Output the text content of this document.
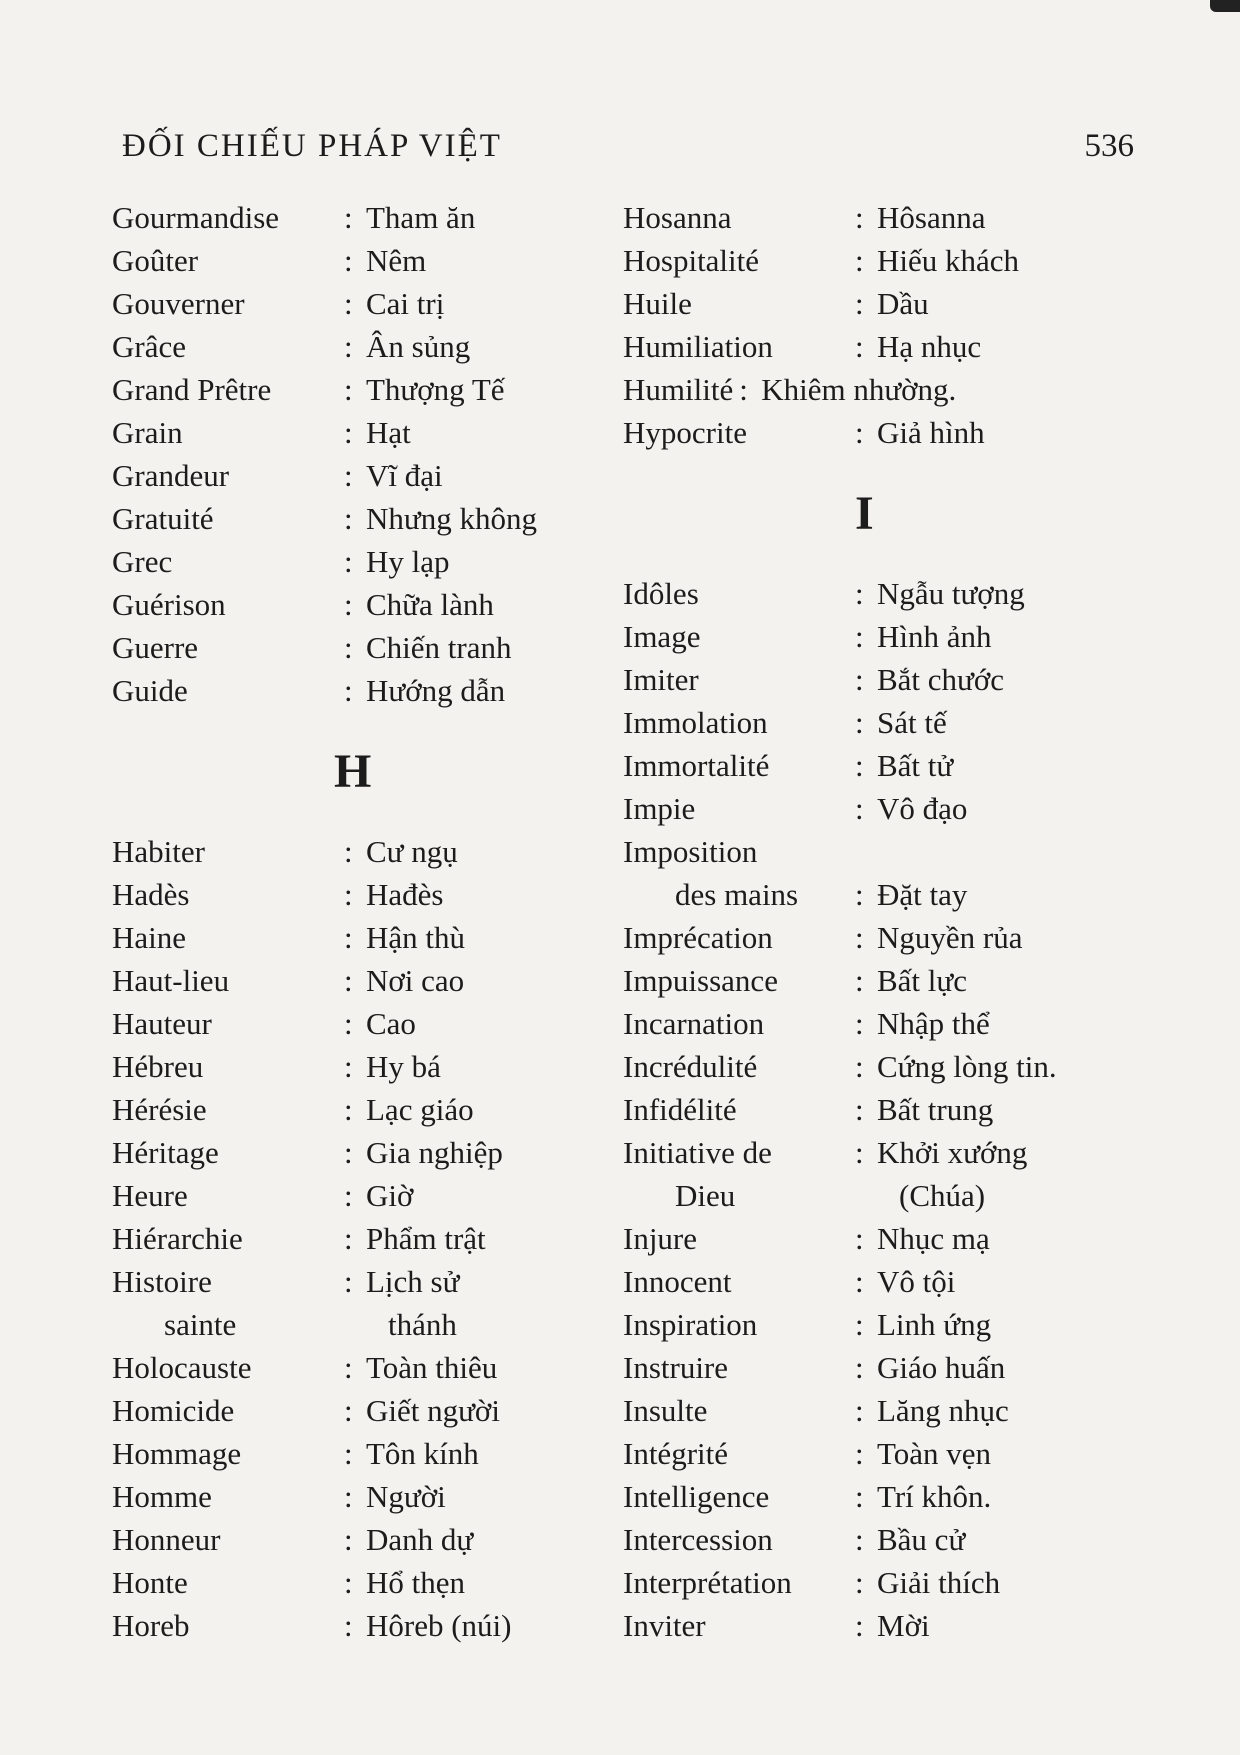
ĐỐI CHIẾU PHÁP VIỆT	536
Gourmandise	: Tham ăn
Goûter	: Nêm
Gouverner	: Cai trị
Grâce	: Ân sủng
Grand Prêtre	: Thượng Tế
Grain	: Hạt
Grandeur	: Vĩ đại
Gratuité	: Nhưng không
Grec	: Hy lạp
Guérison	: Chữa lành
Guerre	: Chiến tranh
Guide	: Hướng dẫn
H
Habiter	: Cư ngụ
Hadès	: Hađès
Haine	: Hận thù
Haut-lieu	: Nơi cao
Hauteur	: Cao
Hébreu	: Hy bá
Hérésie	: Lạc giáo
Héritage	: Gia nghiệp
Heure	: Giờ
Hiérarchie	: Phẩm trật
Histoire	: Lịch sử
sainte	thánh
Holocauste	: Toàn thiêu
Homicide	: Giết người
Hommage	: Tôn kính
Homme	: Người
Honneur	: Danh dự
Honte	: Hổ thẹn
Horeb	: Hôreb (núi)
Hosanna	: Hôsanna
Hospitalité	: Hiếu khách
Huile	: Dầu
Humiliation	: Hạ nhục
Humilité : Khiêm nhường.
Hypocrite	: Giả hình
I
Idôles	: Ngẫu tượng
Image	: Hình ảnh
Imiter	: Bắt chước
Immolation	: Sát tế
Immortalité	: Bất tử
Impie	: Vô đạo
Imposition
des mains	: Đặt tay
Imprécation	: Nguyền rủa
Impuissance	: Bất lực
Incarnation	: Nhập thể
Incrédulité	: Cứng lòng tin.
Infidélité	: Bất trung
Initiative de	: Khởi xướng
Dieu	(Chúa)
Injure	: Nhục mạ
Innocent	: Vô tội
Inspiration	: Linh ứng
Instruire	: Giáo huấn
Insulte	: Lăng nhục
Intégrité	: Toàn vẹn
Intelligence	: Trí khôn.
Intercession	: Bầu cử
Interprétation	: Giải thích
Inviter	: Mời
